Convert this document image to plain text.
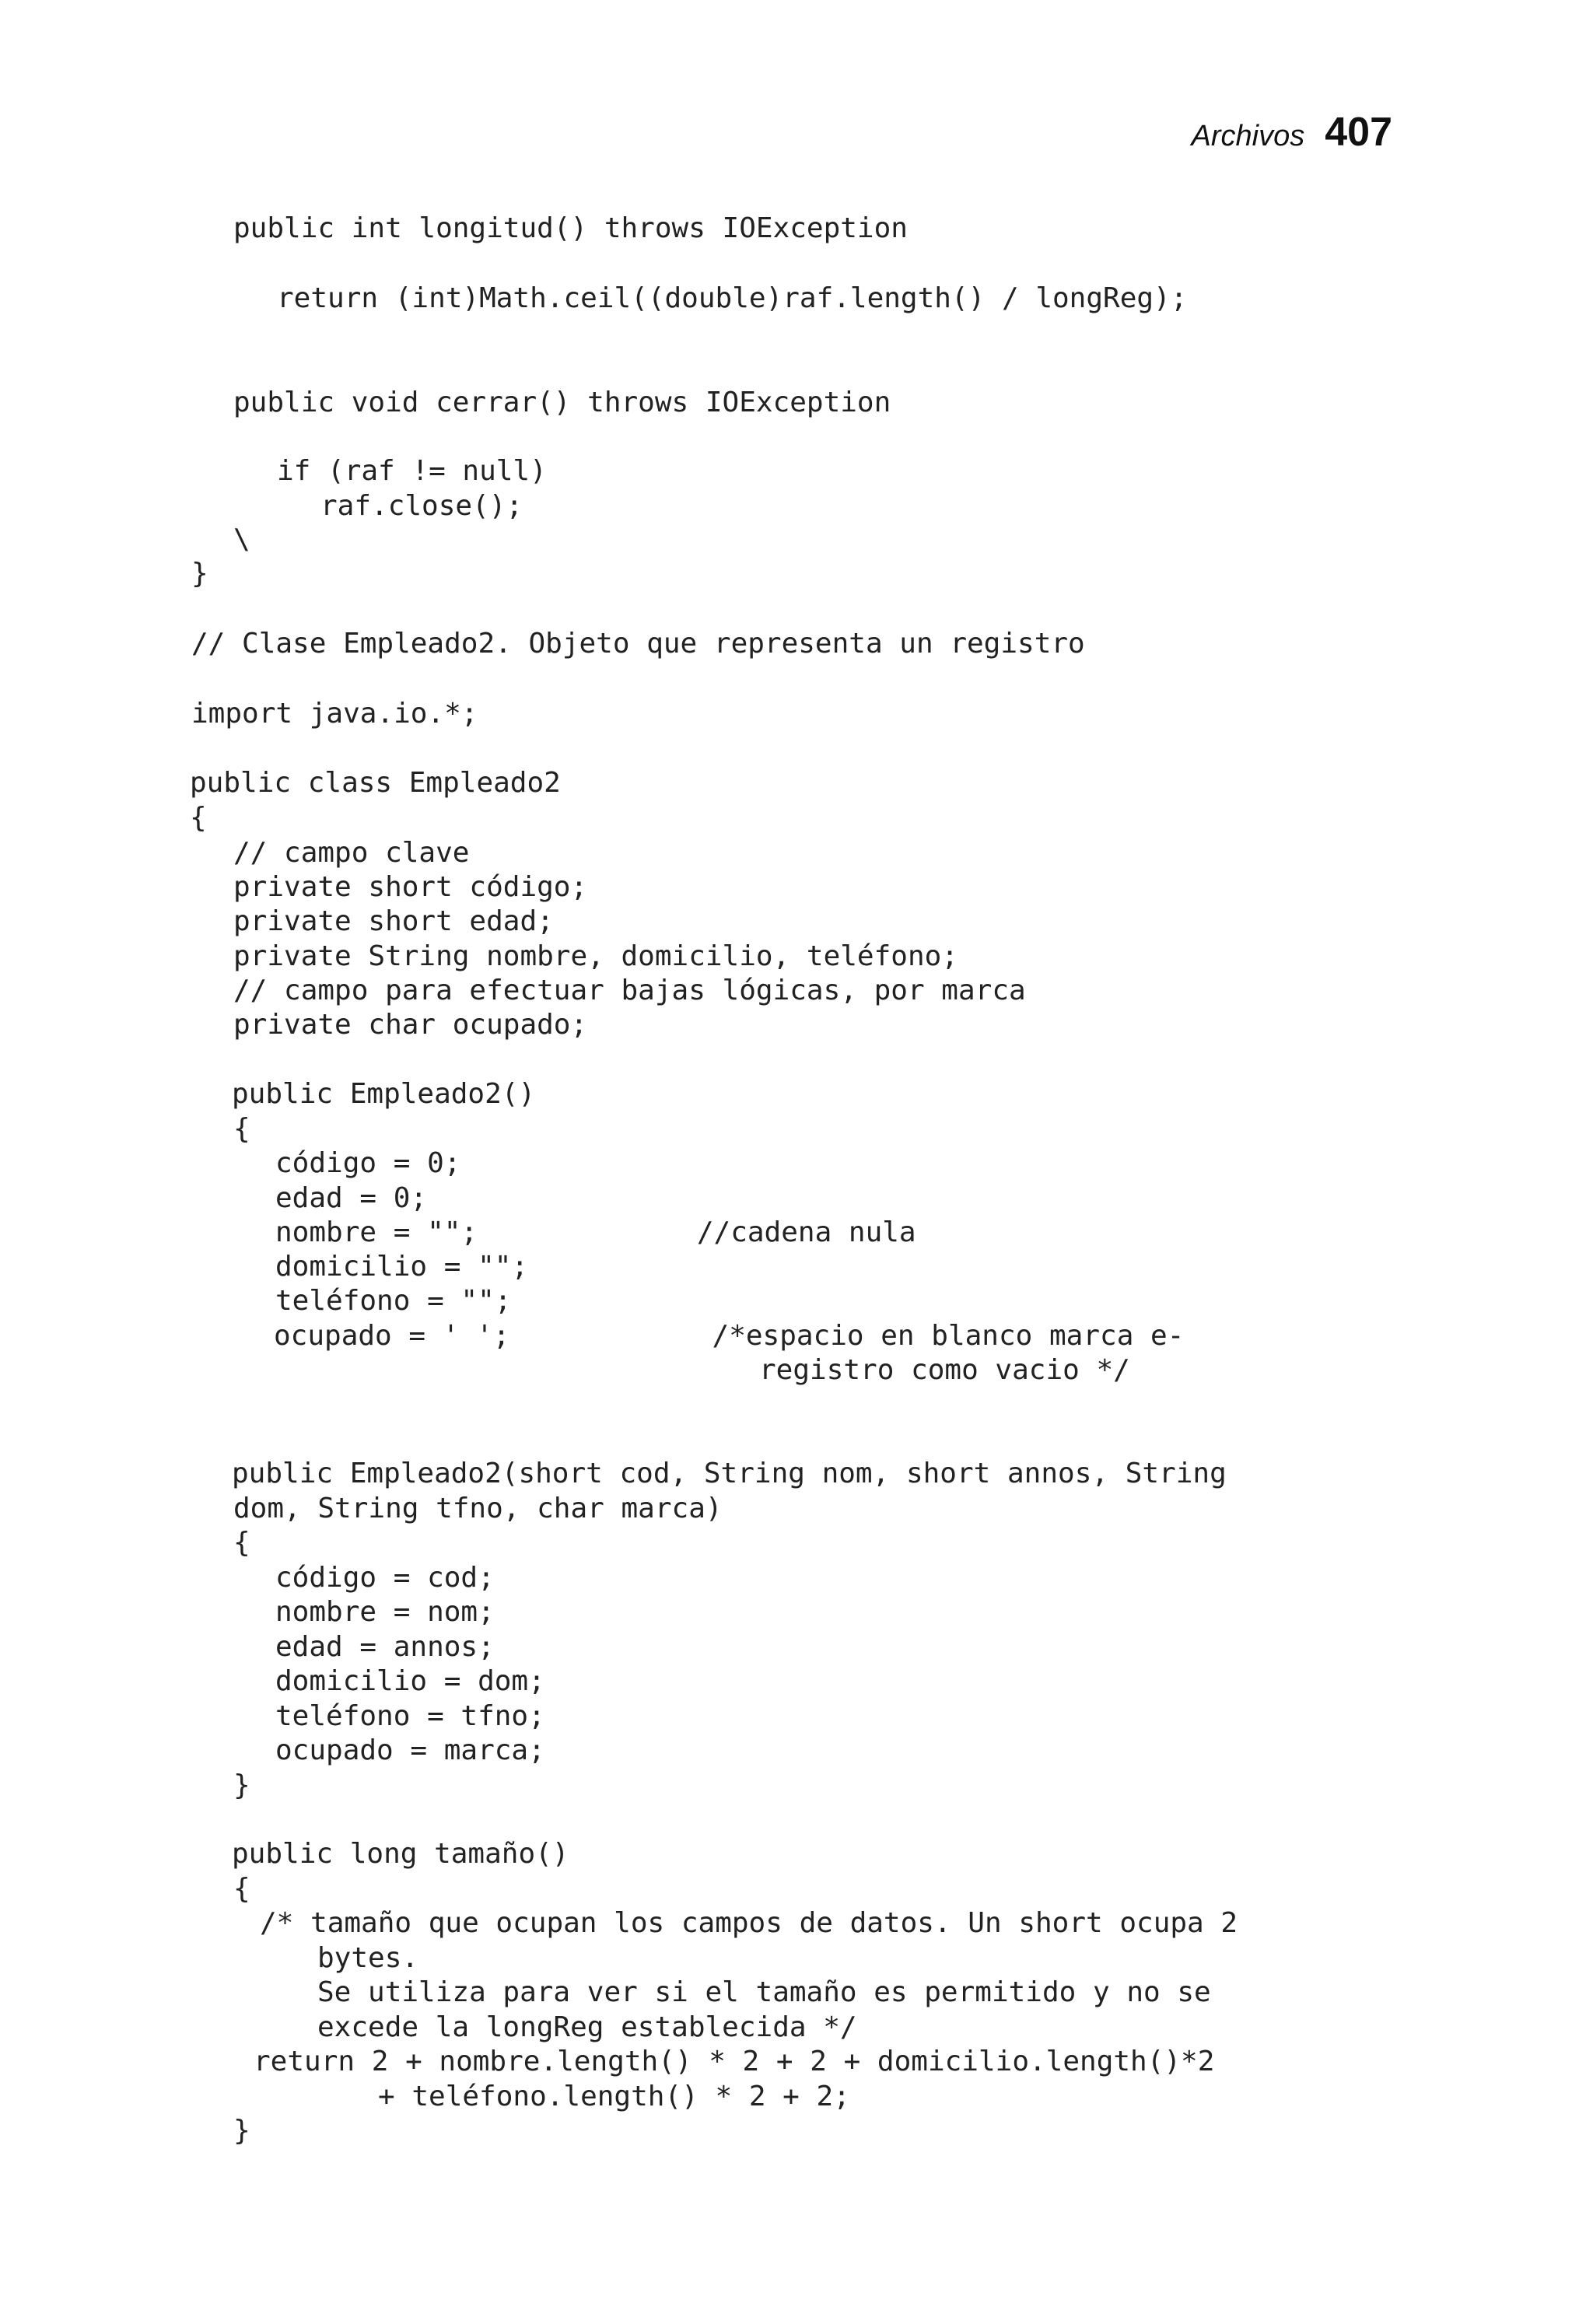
Archivos 407
public int longitud() throws IOException
return (int)Math.ceil((double)raf.length() / longReg);
public void cerrar() throws IOException
if (raf != null)
raf.close();
\
}
// Clase Empleado2. Objeto que representa un registro
import java.io.*;
public class Empleado2
{
// campo clave
private short código;
private short edad;
private String nombre, domicilio, teléfono;
// campo para efectuar bajas lógicas, por marca
private char ocupado;
public Empleado2()
{
código = 0;
edad = 0;
nombre = "";             //cadena nula
domicilio = "";
teléfono = "";
ocupado = ' ';            /*espacio en blanco marca e-
registro como vacio */
public Empleado2(short cod, String nom, short annos, String
dom, String tfno, char marca)
{
código = cod;
nombre = nom;
edad = annos;
domicilio = dom;
teléfono = tfno;
ocupado = marca;
}
public long tamaño()
{
/* tamaño que ocupan los campos de datos. Un short ocupa 2
bytes.
Se utiliza para ver si el tamaño es permitido y no se
excede la longReg establecida */
return 2 + nombre.length() * 2 + 2 + domicilio.length()*2
+ teléfono.length() * 2 + 2;
}
